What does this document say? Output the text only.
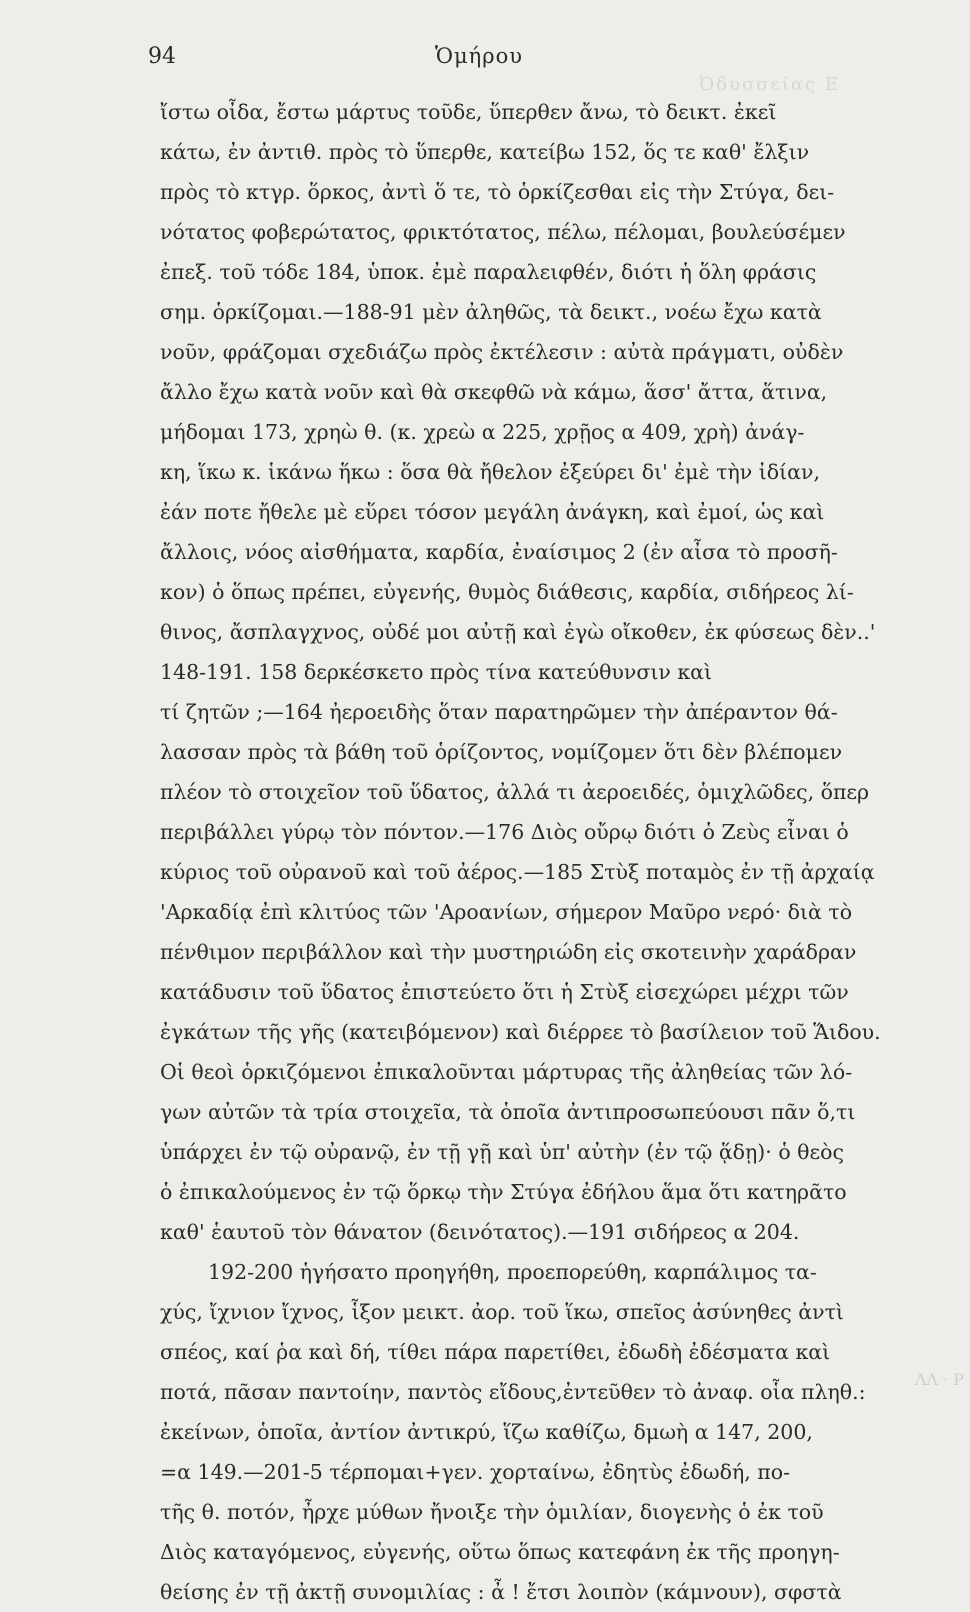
94	Ὁμήρου
Ὀδυσσείας Ε
ἴστω οἶδα, ἔστω μάρτυς τοῦδε, ὕπερθεν ἄνω, τὸ δεικτ. ἐκεῖ
κάτω, ἐν ἀντιθ. πρὸς τὸ ὕπερθε, κατείβω 152, ὅς τε καθ' ἔλξιν
πρὸς τὸ κτγρ. ὅρκος, ἀντὶ ὅ τε, τὸ ὁρκίζεσθαι εἰς τὴν Στύγα, δει-
νότατος φοβερώτατος, φρικτότατος, πέλω, πέλομαι, βουλεύσέμεν
ἐπεξ. τοῦ τόδε 184, ὑποκ. ἐμὲ παραλειφθέν, διότι ἡ ὅλη φράσις
σημ. ὁρκίζομαι.—188-91 μὲν ἀληθῶς, τὰ δεικτ., νοέω ἔχω κατὰ
νοῦν, φράζομαι σχεδιάζω πρὸς ἐκτέλεσιν : αὐτὰ πράγματι, οὐδὲν
ἄλλο ἔχω κατὰ νοῦν καὶ θὰ σκεφθῶ νὰ κάμω, ἅσσ' ἄττα, ἅτινα,
μήδομαι 173, χρηὼ θ. (κ. χρεὼ α 225, χρῇος α 409, χρὴ) ἀνάγ-
κη, ἵκω κ. ἱκάνω ἥκω : ὅσα θὰ ἤθελον ἐξεύρει δι' ἐμὲ τὴν ἰδίαν,
ἐάν ποτε ἤθελε μὲ εὕρει τόσον μεγάλη ἀνάγκη, καὶ ἐμοί, ὡς καὶ
ἄλλοις, νόος αἰσθήματα, καρδία, ἐναίσιμος 2 (ἐν αἶσα τὸ προσῆ-
κον) ὁ ὅπως πρέπει, εὐγενής, θυμὸς διάθεσις, καρδία, σιδήρεος λί-
θινος, ἄσπλαγχνος, οὐδέ μοι αὐτῇ καὶ ἐγὼ οἴκοθεν, ἐκ φύσεως δὲν..'
148-191. 158 δερκέσκετο πρὸς τίνα κατεύθυνσιν καὶ
τί ζητῶν ;—164 ἠεροειδὴς ὅταν παρατηρῶμεν τὴν ἀπέραντον θά-
λασσαν πρὸς τὰ βάθη τοῦ ὁρίζοντος, νομίζομεν ὅτι δὲν βλέπομεν
πλέον τὸ στοιχεῖον τοῦ ὕδατος, ἀλλά τι ἀεροειδές, ὁμιχλῶδες, ὅπερ
περιβάλλει γύρῳ τὸν πόντον.—176 Διὸς οὔρῳ διότι ὁ Ζεὺς εἶναι ὁ
κύριος τοῦ οὐρανοῦ καὶ τοῦ ἀέρος.—185 Στὺξ ποταμὸς ἐν τῇ ἀρχαίᾳ
'Αρκαδίᾳ ἐπὶ κλιτύος τῶν 'Αροανίων, σήμερον Μαῦρο νερό· διὰ τὸ
πένθιμον περιβάλλον καὶ τὴν μυστηριώδη εἰς σκοτεινὴν χαράδραν
κατάδυσιν τοῦ ὕδατος ἐπιστεύετο ὅτι ἡ Στὺξ εἰσεχώρει μέχρι τῶν
ἐγκάτων τῆς γῆς (κατειβόμενον) καὶ διέρρεε τὸ βασίλειον τοῦ Ἅιδου.
Οἱ θεοὶ ὁρκιζόμενοι ἐπικαλοῦνται μάρτυρας τῆς ἀληθείας τῶν λό-
γων αὐτῶν τὰ τρία στοιχεῖα, τὰ ὁποῖα ἀντιπροσωπεύουσι πᾶν ὅ,τι
ὑπάρχει ἐν τῷ οὐρανῷ, ἐν τῇ γῇ καὶ ὑπ' αὐτὴν (ἐν τῷ ᾅδῃ)· ὁ θεὸς
ὁ ἐπικαλούμενος ἐν τῷ ὅρκῳ τὴν Στύγα ἐδήλου ἅμα ὅτι κατηρᾶτο
καθ' ἑαυτοῦ τὸν θάνατον (δεινότατος).—191 σιδήρεος α 204.
192-200 ἡγήσατο προηγήθη, προεπορεύθη, καρπάλιμος τα-
χύς, ἴχνιον ἴχνος, ἷξον μεικτ. ἀορ. τοῦ ἵκω, σπεῖος ἀσύνηθες ἀντὶ
σπέος, καί ῥα καὶ δή, τίθει πάρα παρετίθει, ἐδωδὴ ἐδέσματα καὶ
ποτά, πᾶσαν παντοίην, παντὸς εἴδους,ἐντεῦθεν τὸ ἀναφ. οἷα πληθ.:
ἐκείνων, ὁποῖα, ἀντίον ἀντικρύ, ἵζω καθίζω, δμωὴ α 147, 200,
=α 149.—201-5 τέρπομαι+γεν. χορταίνω, ἐδητὺς ἐδωδή, πο-
τῆς θ. ποτόν, ἦρχε μύθων ἤνοιξε τὴν ὁμιλίαν, διογενὴς ὁ ἐκ τοῦ
Διὸς καταγόμενος, εὐγενής, οὕτω ὅπως κατεφάνη ἐκ τῆς προηγη-
θείσης ἐν τῇ ἀκτῇ συνομιλίας : ἆ ! ἔτσι λοιπὸν (κάμνουν), σφστὰ
ΛΛ · Ρ
